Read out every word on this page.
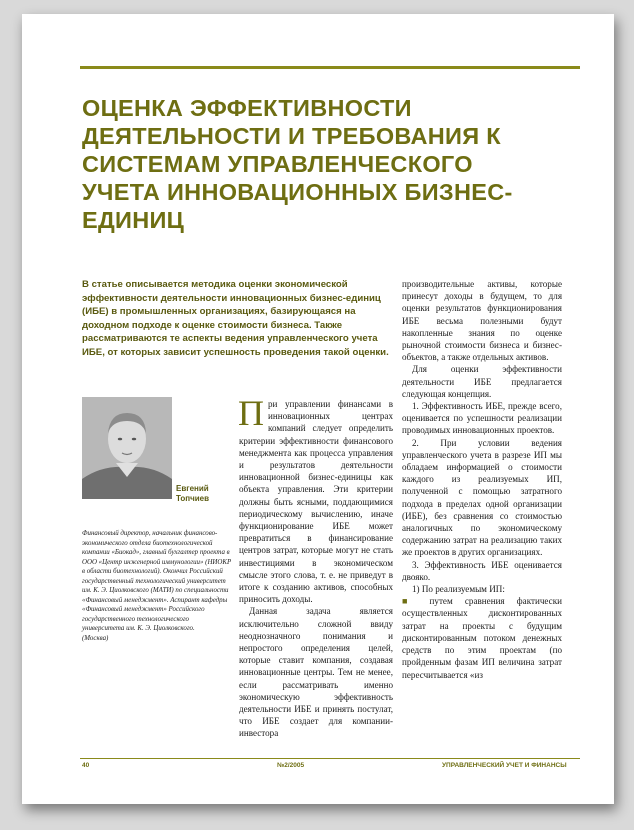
ОЦЕНКА ЭФФЕКТИВНОСТИ ДЕЯТЕЛЬНОСТИ И ТРЕБОВАНИЯ К СИСТЕМАМ УПРАВЛЕНЧЕСКОГО УЧЕТА ИННОВАЦИОННЫХ БИЗНЕС-ЕДИНИЦ

В статье описывается методика оценки экономической эффективности деятельности инновационных бизнес-единиц (ИБЕ) в промышленных организациях, базирующаяся на доходном подходе к оценке стоимости бизнеса. Также рассматриваются те аспекты ведения управленческого учета ИБЕ, от которых зависит успешность проведения такой оценки.

Евгений
Топчиев
Финансовый директор, начальник финансово-экономического отдела биотехнологической компании «Биокад», главный бухгалтер проекта в ООО «Центр инженерной иммунологии» (НИОКР в области биотехнологий). Окончил Российский государственный технологический университет им. К. Э. Циолковского (МАТИ) по специальности «Финансовый менеджмент». Аспирант кафедры «Финансовый менеджмент» Российского государственного технологического университета им. К. Э. Циолковского.
(Москва)

При управлении финансами в инновационных центрах компаний следует определить критерии эффективности финансового менеджмента как процесса управления и результатов деятельности инновационной бизнес-единицы как объекта управления. Эти критерии должны быть ясными, поддающимися периодическому вычислению, иначе функционирование ИБЕ может превратиться в финансирование центров затрат, которые могут не стать инвестициями в экономическом смысле этого слова, т. е. не приведут в итоге к созданию активов, способных приносить доходы.

Данная задача является исключительно сложной ввиду неоднозначного понимания и непростого определения целей, которые ставит компания, создавая инновационные центры. Тем не менее, если рассматривать именно экономическую эффективность деятельности ИБЕ и принять постулат, что ИБЕ создает для компании-инвестора

производительные активы, которые принесут доходы в будущем, то для оценки результатов функционирования ИБЕ весьма полезными будут накопленные знания по оценке рыночной стоимости бизнеса и бизнес-объектов, а также отдельных активов.

Для оценки эффективности деятельности ИБЕ предлагается следующая концепция.

1. Эффективность ИБЕ, прежде всего, оценивается по успешности реализации проводимых инновационных проектов.

2. При условии ведения управленческого учета в разрезе ИП мы обладаем информацией о стоимости каждого из реализуемых ИП, полученной с помощью затратного подхода в пределах одной организации (ИБЕ), без сравнения со стоимостью аналогичных по экономическому содержанию затрат на реализацию таких же проектов в других организациях.

3. Эффективность ИБЕ оценивается двояко.

1) По реализуемым ИП:

■ путем сравнения фактически осуществленных дисконтированных затрат на проекты с будущим дисконтированным потоком денежных средств по этим проектам (по пройденным фазам ИП величина затрат пересчитывается «из

40	№2/2005	УПРАВЛЕНЧЕСКИЙ УЧЕТ И ФИНАНСЫ
